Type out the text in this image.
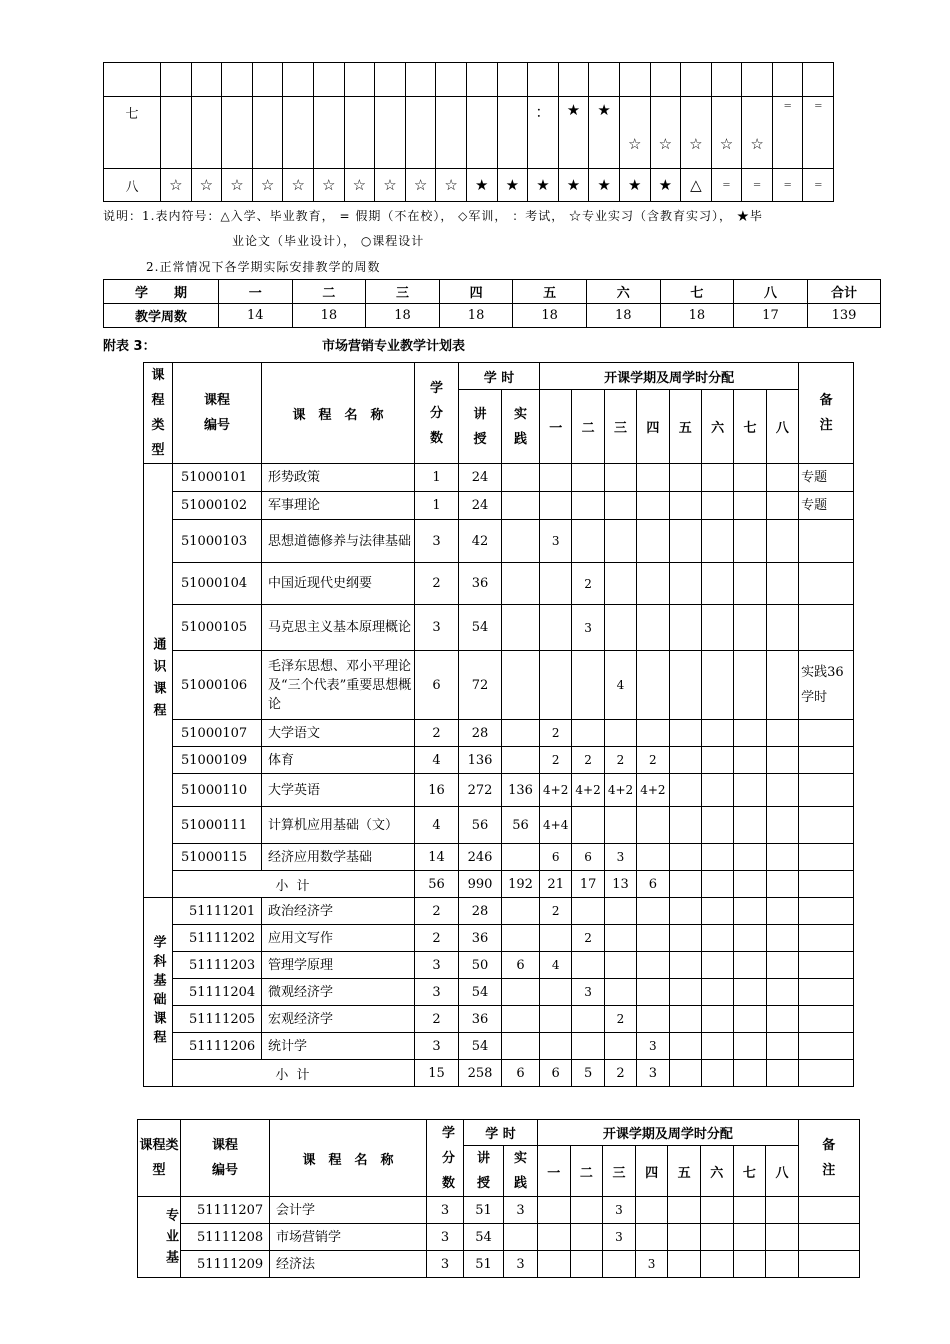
七													：	★	★	☆	☆	☆	☆	☆	=	=
八	☆	☆	☆	☆	☆	☆	☆	☆	☆	☆	★	★	★	★	★	★	★	△	=	=	=	=
说明：1.表内符号：△入学、毕业教育， = 假期（不在校）， ◇军训， ：考试， ☆专业实习（含教育实习）， ★毕
业论文（毕业设计）， ○课程设计
2.正常情况下各学期实际安排教学的周数
学　　期	一	二	三	四	五	六	七	八	合计
教学周数	14	18	18	18	18	18	18	17	139
附表 3：	市场营销专业教学计划表
课程类型	课程编号	课　程　名　称	学分数	学 时		开课学期及周学时分配								备注
				讲授	实践	一	二	三	四	五	六	七	八	
通识课程	51000101	形势政策	1	24										专题
	51000102	军事理论	1	24										专题
	51000103	思想道德修养与法律基础	3	42		3								
	51000104	中国近现代史纲要	2	36			2							
	51000105	马克思主义基本原理概论	3	54			3							
	51000106	毛泽东思想、邓小平理论及“三个代表”重要思想概论	6	72				4						实践36学时
	51000107	大学语文	2	28		2								
	51000109	体育	4	136		2	2	2	2					
	51000110	大学英语	16	272	136	4+2	4+2	4+2	4+2					
	51000111	计算机应用基础（文）	4	56	56	4+4								
	51000115	经济应用数学基础	14	246		6	6	3						
	小 计		56	990	192	21	17	13	6					
学科基础课程	51111201	政治经济学	2	28		2								
	51111202	应用文写作	2	36			2							
	51111203	管理学原理	3	50	6	4								
	51111204	微观经济学	3	54			3							
	51111205	宏观经济学	2	36				2						
	51111206	统计学	3	54					3					
	小 计		15	258	6	6	5	2	3					
课程类型	课程编号	课　程　名　称	学分数	学 时		开课学期及周学时分配								备 注
				讲授	实践	一	二	三	四	五	六	七	八	
专业基	51111207	会计学	3	51	3			3						
	51111208	市场营销学	3	54				3						
	51111209	经济法	3	51	3				3					
